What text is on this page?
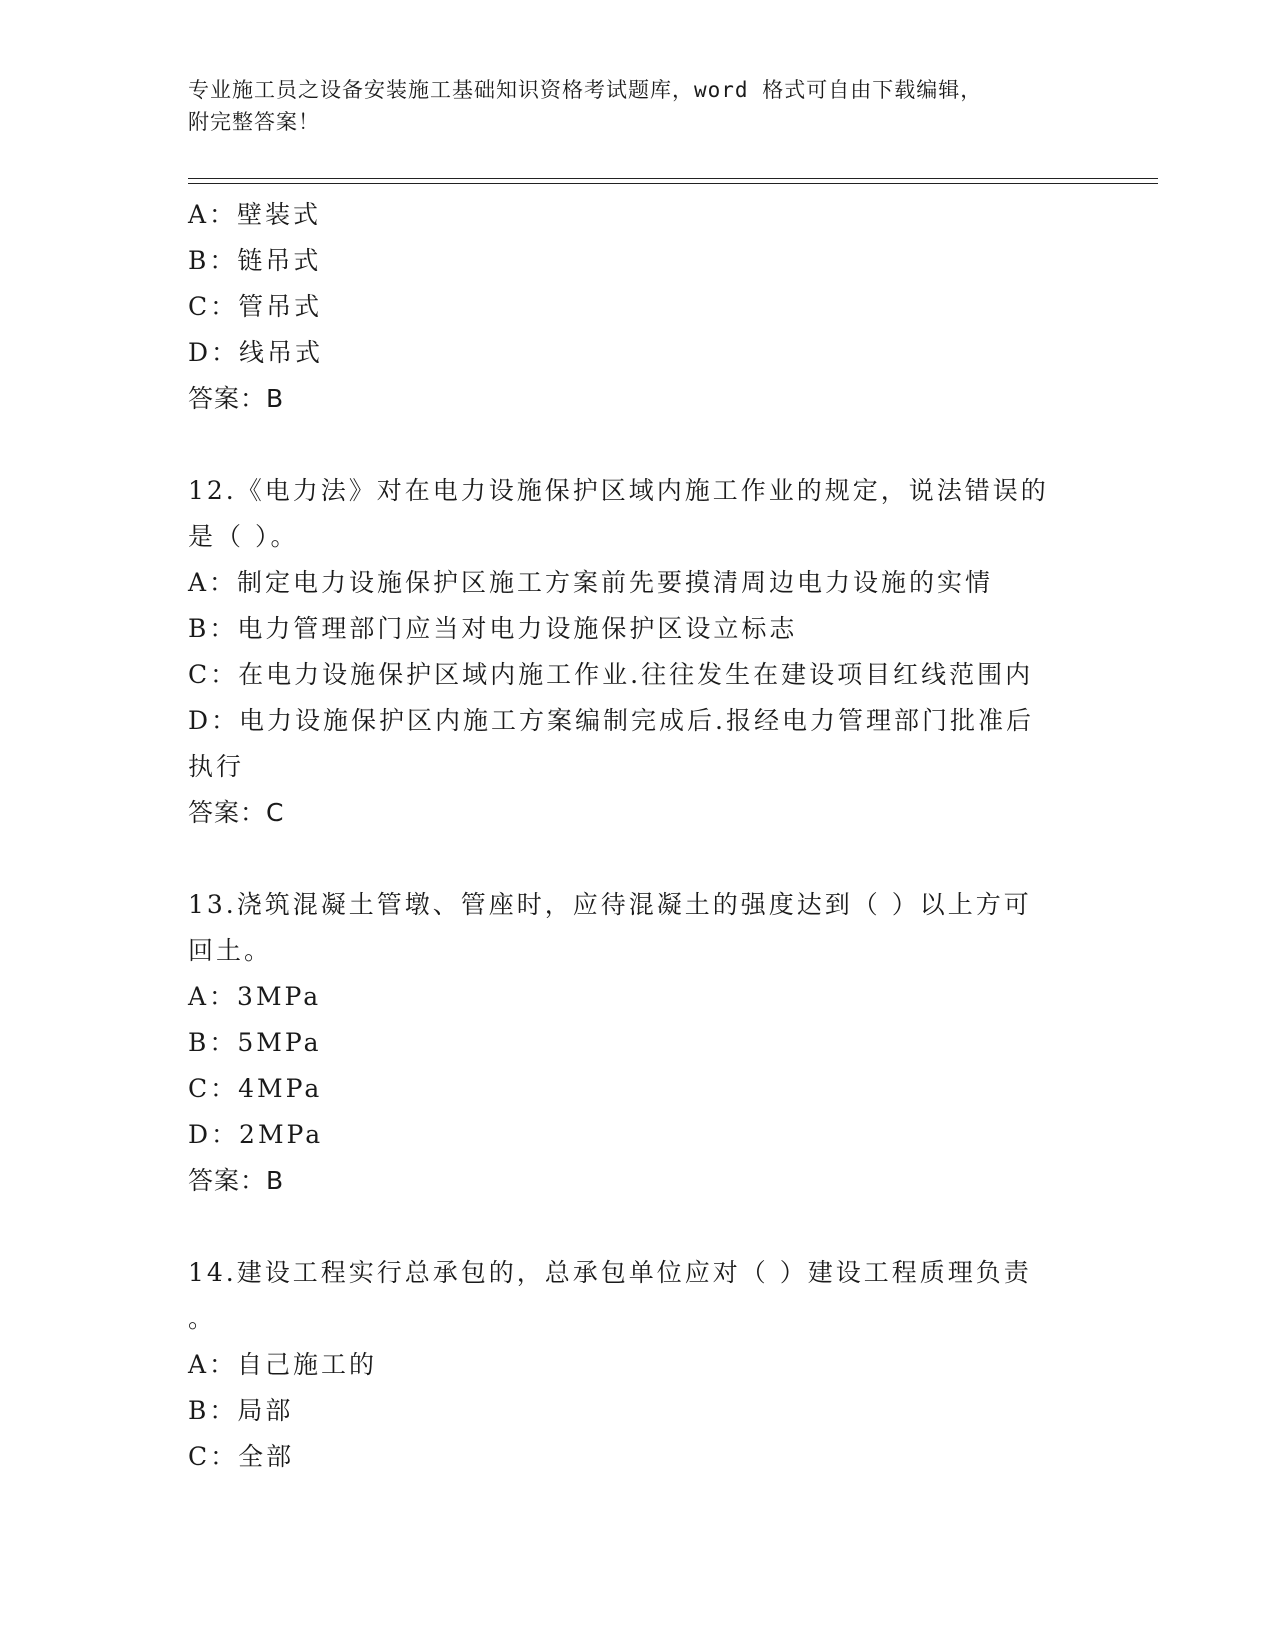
专业施工员之设备安装施工基础知识资格考试题库，word 格式可自由下载编辑，
附完整答案！
A：壁装式
B：链吊式
C：管吊式
D：线吊式
答案：B
12.《电力法》对在电力设施保护区域内施工作业的规定，说法错误的
是（ ）。
A：制定电力设施保护区施工方案前先要摸清周边电力设施的实情
B：电力管理部门应当对电力设施保护区设立标志
C：在电力设施保护区域内施工作业.往往发生在建设项目红线范围内
D：电力设施保护区内施工方案编制完成后.报经电力管理部门批准后
执行
答案：C
13.浇筑混凝土管墩、管座时，应待混凝土的强度达到（ ）以上方可
回土。
A：3MPa
B：5MPa
C：4MPa
D：2MPa
答案：B
14.建设工程实行总承包的，总承包单位应对（ ）建设工程质理负责
。
A：自己施工的
B：局部
C：全部
